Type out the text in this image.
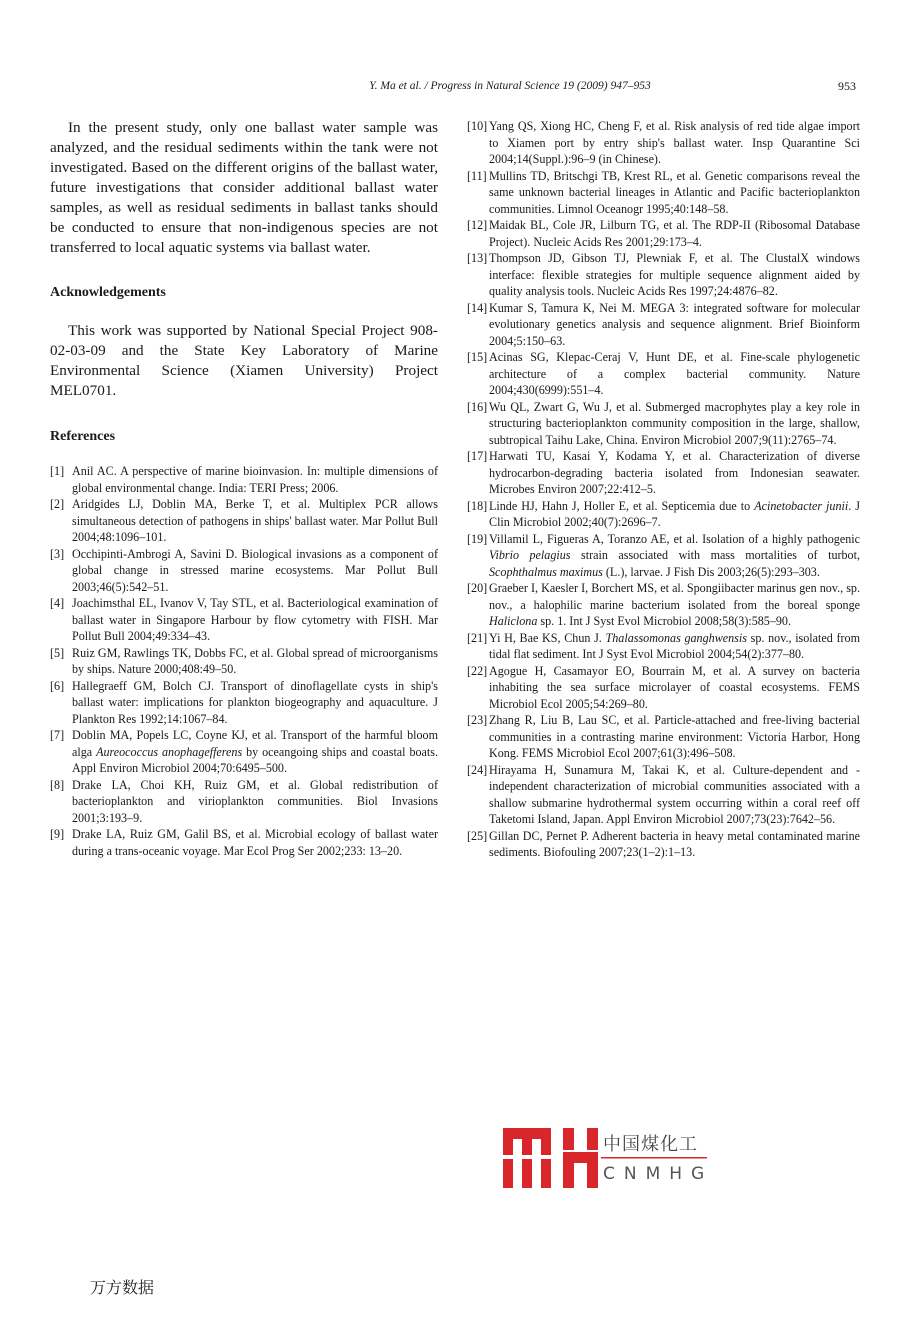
Y. Ma et al. / Progress in Natural Science 19 (2009) 947–953	953

In the present study, only one ballast water sample was analyzed, and the residual sediments within the tank were not investigated. Based on the different origins of the ballast water, future investigations that consider additional ballast water samples, as well as residual sediments in ballast tanks should be conducted to ensure that non-indigenous species are not transferred to local aquatic systems via ballast water.

Acknowledgements

This work was supported by National Special Project 908-02-03-09 and the State Key Laboratory of Marine Environmental Science (Xiamen University) Project MEL0701.

References
[1] Anil AC. A perspective of marine bioinvasion. In: multiple dimensions of global environmental change. India: TERI Press; 2006.
[2] Aridgides LJ, Doblin MA, Berke T, et al. Multiplex PCR allows simultaneous detection of pathogens in ships' ballast water. Mar Pollut Bull 2004;48:1096–101.
[3] Occhipinti-Ambrogi A, Savini D. Biological invasions as a component of global change in stressed marine ecosystems. Mar Pollut Bull 2003;46(5):542–51.
[4] Joachimsthal EL, Ivanov V, Tay STL, et al. Bacteriological examination of ballast water in Singapore Harbour by flow cytometry with FISH. Mar Pollut Bull 2004;49:334–43.
[5] Ruiz GM, Rawlings TK, Dobbs FC, et al. Global spread of microorganisms by ships. Nature 2000;408:49–50.
[6] Hallegraeff GM, Bolch CJ. Transport of dinoflagellate cysts in ship's ballast water: implications for plankton biogeography and aquaculture. J Plankton Res 1992;14:1067–84.
[7] Doblin MA, Popels LC, Coyne KJ, et al. Transport of the harmful bloom alga Aureococcus anophagefferens by oceangoing ships and coastal boats. Appl Environ Microbiol 2004;70:6495–500.
[8] Drake LA, Choi KH, Ruiz GM, et al. Global redistribution of bacterioplankton and virioplankton communities. Biol Invasions 2001;3:193–9.
[9] Drake LA, Ruiz GM, Galil BS, et al. Microbial ecology of ballast water during a trans-oceanic voyage. Mar Ecol Prog Ser 2002;233: 13–20.
[10] Yang QS, Xiong HC, Cheng F, et al. Risk analysis of red tide algae import to Xiamen port by entry ship's ballast water. Insp Quarantine Sci 2004;14(Suppl.):96–9 (in Chinese).
[11] Mullins TD, Britschgi TB, Krest RL, et al. Genetic comparisons reveal the same unknown bacterial lineages in Atlantic and Pacific bacterioplankton communities. Limnol Oceanogr 1995;40:148–58.
[12] Maidak BL, Cole JR, Lilburn TG, et al. The RDP-II (Ribosomal Database Project). Nucleic Acids Res 2001;29:173–4.
[13] Thompson JD, Gibson TJ, Plewniak F, et al. The ClustalX windows interface: flexible strategies for multiple sequence alignment aided by quality analysis tools. Nucleic Acids Res 1997;24:4876–82.
[14] Kumar S, Tamura K, Nei M. MEGA 3: integrated software for molecular evolutionary genetics analysis and sequence alignment. Brief Bioinform 2004;5:150–63.
[15] Acinas SG, Klepac-Ceraj V, Hunt DE, et al. Fine-scale phylogenetic architecture of a complex bacterial community. Nature 2004;430(6999):551–4.
[16] Wu QL, Zwart G, Wu J, et al. Submerged macrophytes play a key role in structuring bacterioplankton community composition in the large, shallow, subtropical Taihu Lake, China. Environ Microbiol 2007;9(11):2765–74.
[17] Harwati TU, Kasai Y, Kodama Y, et al. Characterization of diverse hydrocarbon-degrading bacteria isolated from Indonesian seawater. Microbes Environ 2007;22:412–5.
[18] Linde HJ, Hahn J, Holler E, et al. Septicemia due to Acinetobacter junii. J Clin Microbiol 2002;40(7):2696–7.
[19] Villamil L, Figueras A, Toranzo AE, et al. Isolation of a highly pathogenic Vibrio pelagius strain associated with mass mortalities of turbot, Scophthalmus maximus (L.), larvae. J Fish Dis 2003;26(5):293–303.
[20] Graeber I, Kaesler I, Borchert MS, et al. Spongiibacter marinus gen nov., sp. nov., a halophilic marine bacterium isolated from the boreal sponge Haliclona sp. 1. Int J Syst Evol Microbiol 2008;58(3):585–90.
[21] Yi H, Bae KS, Chun J. Thalassomonas ganghwensis sp. nov., isolated from tidal flat sediment. Int J Syst Evol Microbiol 2004;54(2):377–80.
[22] Agogue H, Casamayor EO, Bourrain M, et al. A survey on bacteria inhabiting the sea surface microlayer of coastal ecosystems. FEMS Microbiol Ecol 2005;54:269–80.
[23] Zhang R, Liu B, Lau SC, et al. Particle-attached and free-living bacterial communities in a contrasting marine environment: Victoria Harbor, Hong Kong. FEMS Microbiol Ecol 2007;61(3):496–508.
[24] Hirayama H, Sunamura M, Takai K, et al. Culture-dependent and -independent characterization of microbial communities associated with a shallow submarine hydrothermal system occurring within a coral reef off Taketomi Island, Japan. Appl Environ Microbiol 2007;73(23):7642–56.
[25] Gillan DC, Pernet P. Adherent bacteria in heavy metal contaminated marine sediments. Biofouling 2007;23(1–2):1–13.
中国煤化工
CNMHG
万方数据
